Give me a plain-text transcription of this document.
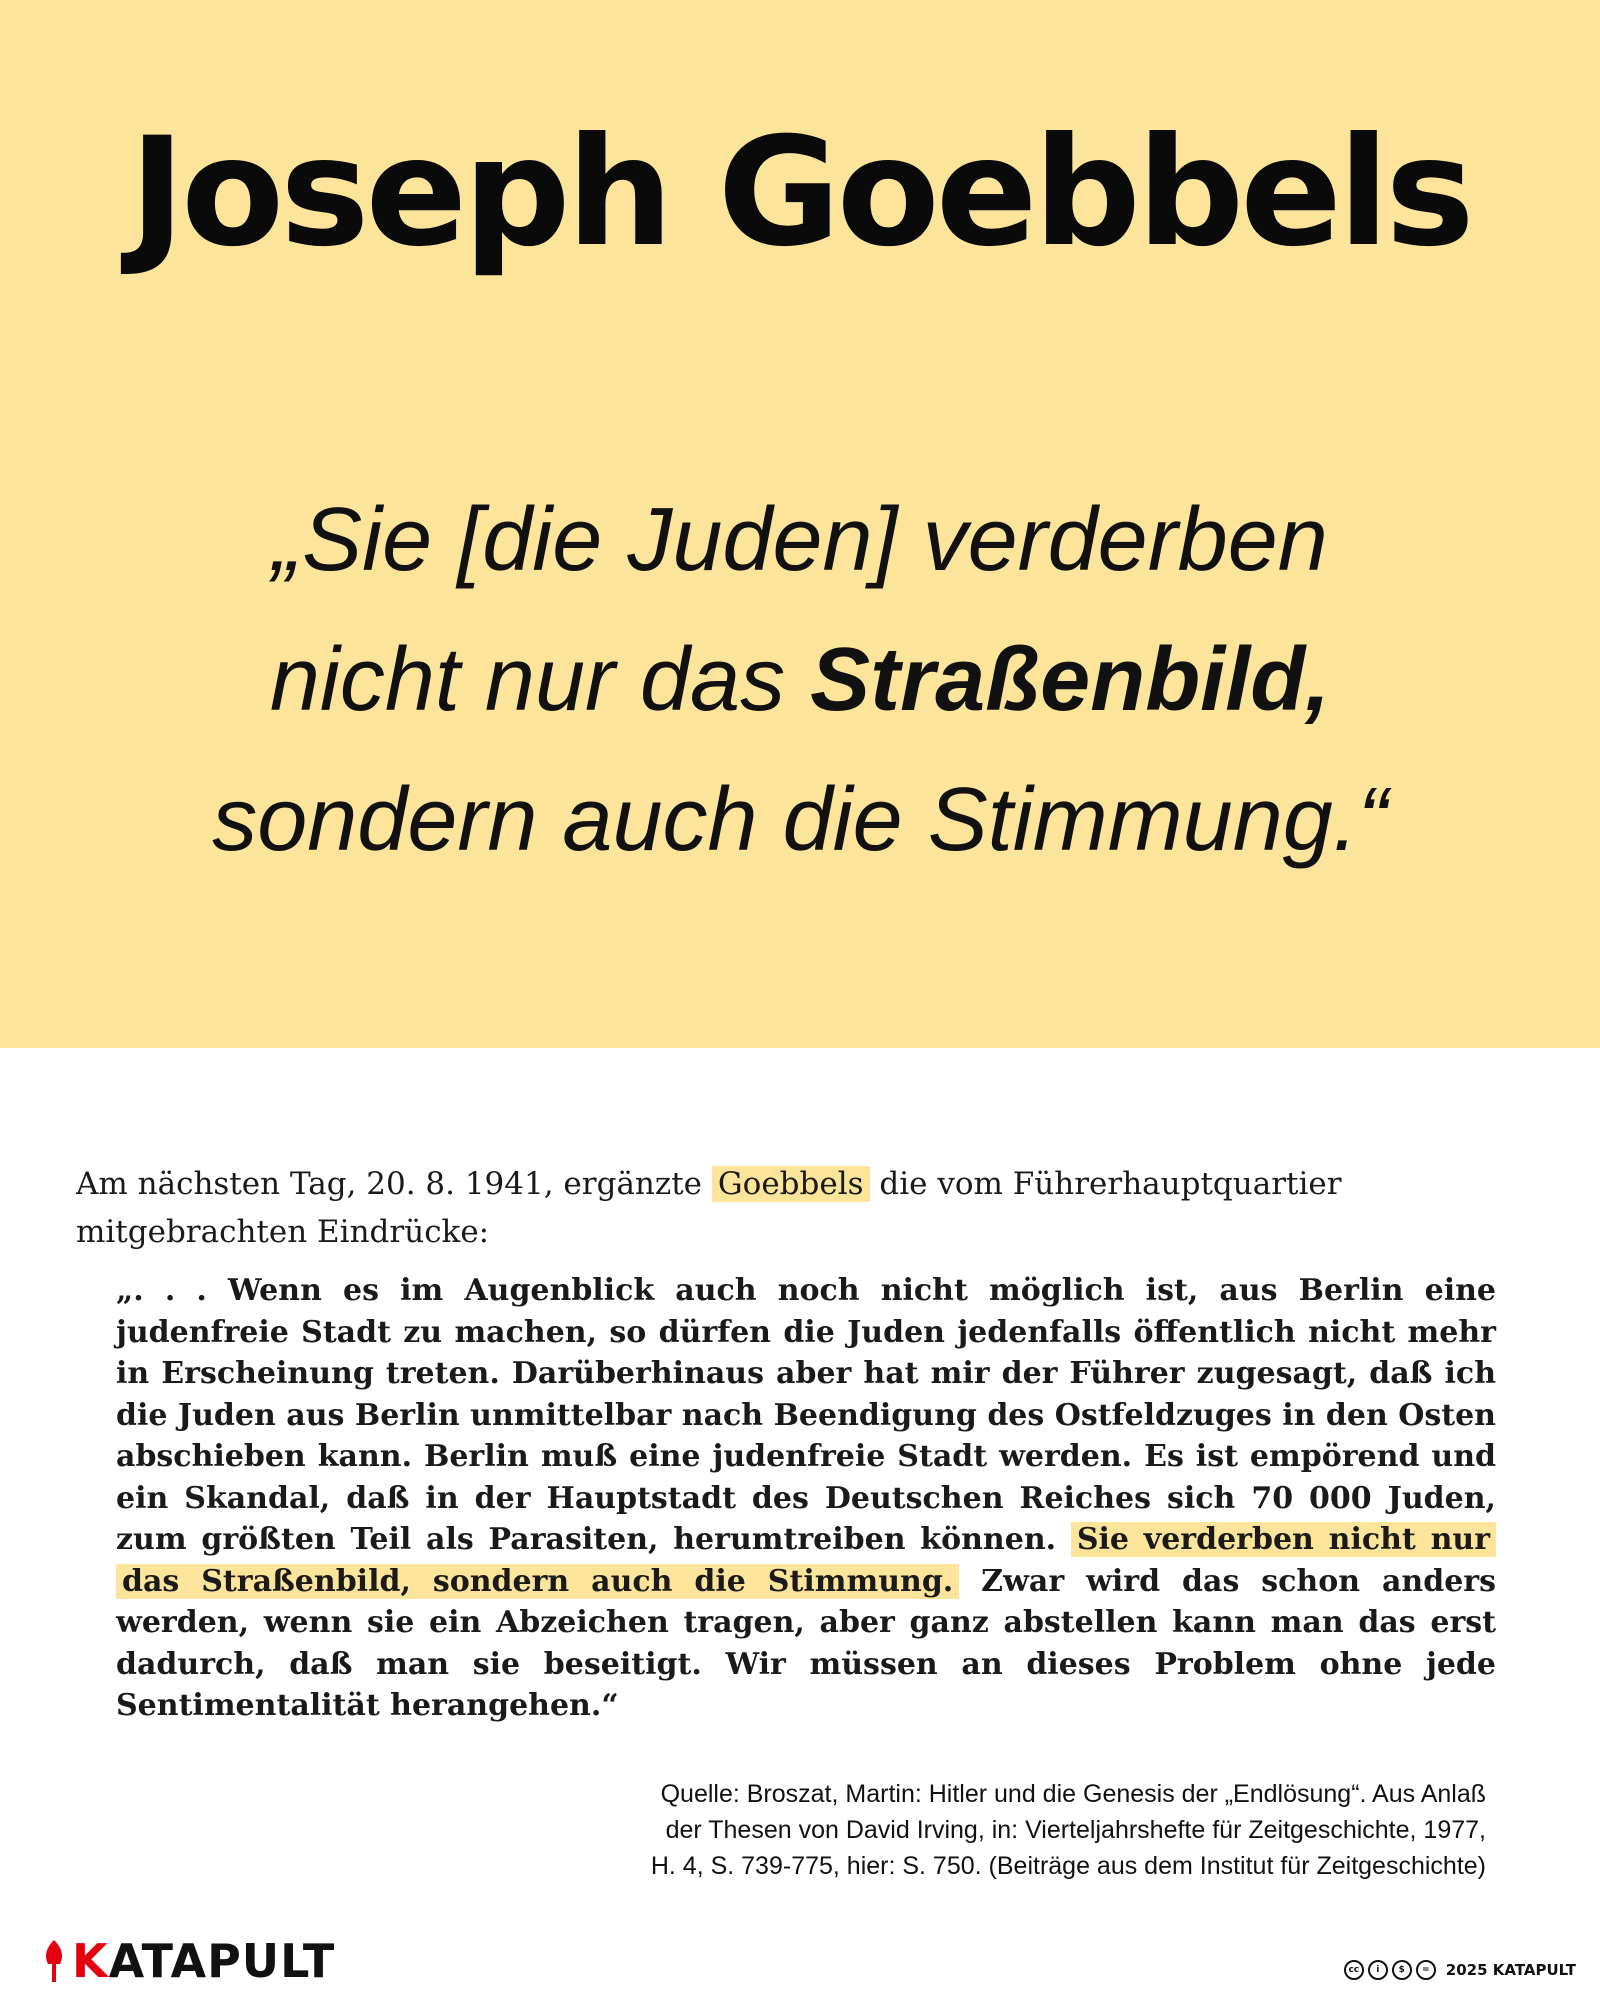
Joseph Goebbels
„Sie [die Juden] verderben
nicht nur das Straßenbild,
sondern auch die Stimmung.“

Am nächsten Tag, 20. 8. 1941, ergänzte Goebbels die vom Führerhauptquartier mitgebrachten Eindrücke:

„. . . Wenn es im Augenblick auch noch nicht möglich ist, aus Berlin eine judenfreie Stadt zu machen, so dürfen die Juden jedenfalls öffentlich nicht mehr in Erscheinung treten. Darüberhinaus aber hat mir der Führer zugesagt, daß ich die Juden aus Berlin unmittelbar nach Beendigung des Ostfeldzuges in den Osten abschieben kann. Berlin muß eine judenfreie Stadt werden. Es ist empörend und ein Skandal, daß in der Hauptstadt des Deutschen Reiches sich 70 000 Juden, zum größten Teil als Parasiten, herumtreiben können. Sie verderben nicht nur das Straßenbild, sondern auch die Stimmung. Zwar wird das schon anders werden, wenn sie ein Abzeichen tragen, aber ganz abstellen kann man das erst dadurch, daß man sie beseitigt. Wir müssen an dieses Problem ohne jede Sentimentalität herangehen.“

Quelle: Broszat, Martin: Hitler und die Genesis der „Endlösung“. Aus Anlaß
der Thesen von David Irving, in: Vierteljahrshefte für Zeitgeschichte, 1977,
H. 4, S. 739-775, hier: S. 750. (Beiträge aus dem Institut für Zeitgeschichte)
KATAPULT	cc	i	$	=	2025 KATAPULT
